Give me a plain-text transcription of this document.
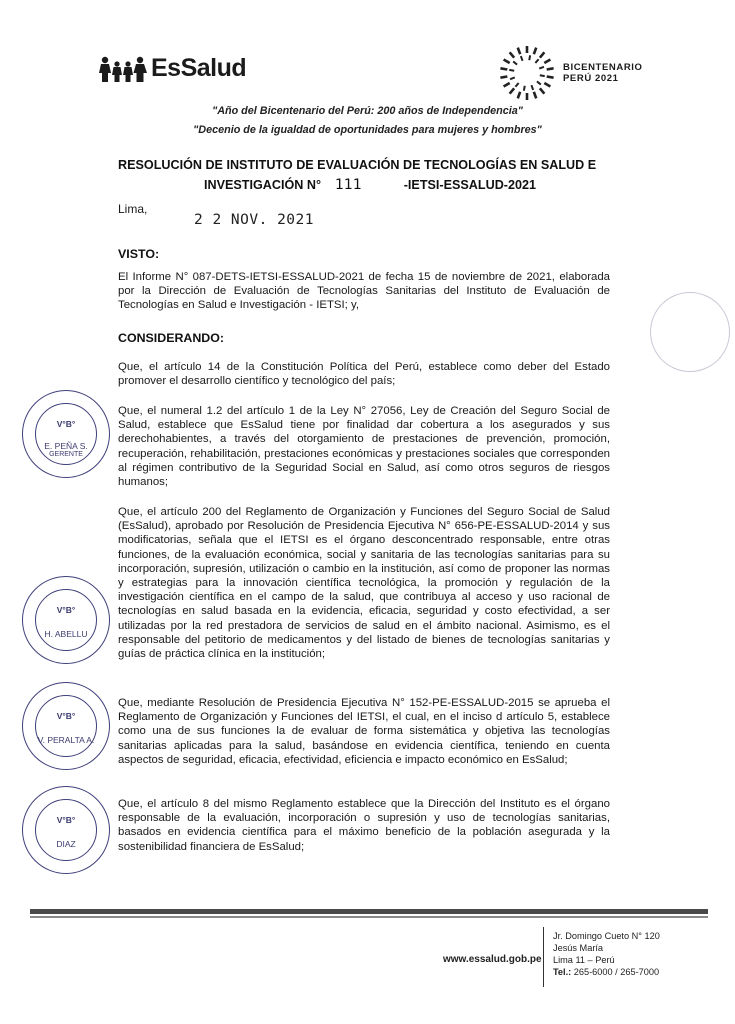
EsSalud	BICENTENARIO
PERÚ 2021
"Año del Bicentenario del Perú: 200 años de Independencia"
"Decenio de la igualdad de oportunidades para mujeres y hombres"
RESOLUCIÓN DE INSTITUTO DE EVALUACIÓN DE TECNOLOGÍAS EN SALUD E
INVESTIGACIÓN N° 111	-IETSI-ESSALUD-2021
Lima,
2 2 NOV. 2021
VISTO:
El Informe N° 087-DETS-IETSI-ESSALUD-2021 de fecha 15 de noviembre de 2021, elaborada por la Dirección de Evaluación de Tecnologías Sanitarias del Instituto de Evaluación de Tecnologías en Salud e Investigación - IETSI; y,
CONSIDERANDO:
Que, el artículo 14 de la Constitución Política del Perú, establece como deber del Estado promover el desarrollo científico y tecnológico del país;
Que, el numeral 1.2 del artículo 1 de la Ley N° 27056, Ley de Creación del Seguro Social de Salud, establece que EsSalud tiene por finalidad dar cobertura a los asegurados y sus derechohabientes, a través del otorgamiento de prestaciones de prevención, promoción, recuperación, rehabilitación, prestaciones económicas y prestaciones sociales que corresponden al régimen contributivo de la Seguridad Social en Salud, así como otros seguros de riesgos humanos;
Que, el artículo 200 del Reglamento de Organización y Funciones del Seguro Social de Salud (EsSalud), aprobado por Resolución de Presidencia Ejecutiva N° 656-PE-ESSALUD-2014 y sus modificatorias, señala que el IETSI es el órgano desconcentrado responsable, entre otras funciones, de la evaluación económica, social y sanitaria de las tecnologías sanitarias para su incorporación, supresión, utilización o cambio en la institución, así como de proponer las normas y estrategias para la innovación científica tecnológica, la promoción y regulación de la investigación científica en el campo de la salud, que contribuya al acceso y uso racional de tecnologías en salud basada en la evidencia, eficacia, seguridad y costo efectividad, a ser utilizadas por la red prestadora de servicios de salud en el ámbito nacional. Asimismo, es el responsable del petitorio de medicamentos y del listado de bienes de tecnologías sanitarias y guías de práctica clínica en la institución;
Que, mediante Resolución de Presidencia Ejecutiva N° 152-PE-ESSALUD-2015 se aprueba el Reglamento de Organización y Funciones del IETSI, el cual, en el inciso d artículo 5, establece como una de sus funciones la de evaluar de forma sistemática y objetiva las tecnologías sanitarias aplicadas para la salud, basándose en evidencia científica, teniendo en cuenta aspectos de seguridad, eficacia, efectividad, eficiencia e impacto económico en EsSalud;
Que, el artículo 8 del mismo Reglamento establece que la Dirección del Instituto es el órgano responsable de la evaluación, incorporación o supresión y uso de tecnologías sanitarias, basados en evidencia científica para el máximo beneficio de la población asegurada y la sostenibilidad financiera de EsSalud;
V°B°
E. PEÑA S.
GERENTE
V°B°
H. ABELLU
V°B°
V. PERALTA A.
V°B°
DIAZ
www.essalud.gob.pe
Jr. Domingo Cueto N° 120
Jesús María
Lima 11 – Perú
Tel.: 265-6000 / 265-7000
